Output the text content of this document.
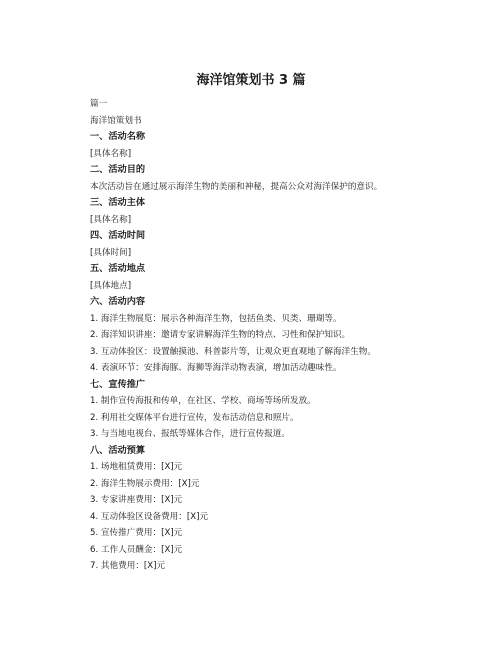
海洋馆策划书 3 篇
篇一
海洋馆策划书
一、活动名称
[具体名称]
二、活动目的
本次活动旨在通过展示海洋生物的美丽和神秘，提高公众对海洋保护的意识。
三、活动主体
[具体名称]
四、活动时间
[具体时间]
五、活动地点
[具体地点]
六、活动内容
1. 海洋生物展览：展示各种海洋生物，包括鱼类、贝类、珊瑚等。
2. 海洋知识讲座：邀请专家讲解海洋生物的特点、习性和保护知识。
3. 互动体验区：设置触摸池、科普影片等，让观众更直观地了解海洋生物。
4. 表演环节：安排海豚、海狮等海洋动物表演，增加活动趣味性。
七、宣传推广
1. 制作宣传海报和传单，在社区、学校、商场等场所发放。
2. 利用社交媒体平台进行宣传，发布活动信息和照片。
3. 与当地电视台、报纸等媒体合作，进行宣传报道。
八、活动预算
1. 场地租赁费用：[X]元
2. 海洋生物展示费用：[X]元
3. 专家讲座费用：[X]元
4. 互动体验区设备费用：[X]元
5. 宣传推广费用：[X]元
6. 工作人员酬金：[X]元
7. 其他费用：[X]元
